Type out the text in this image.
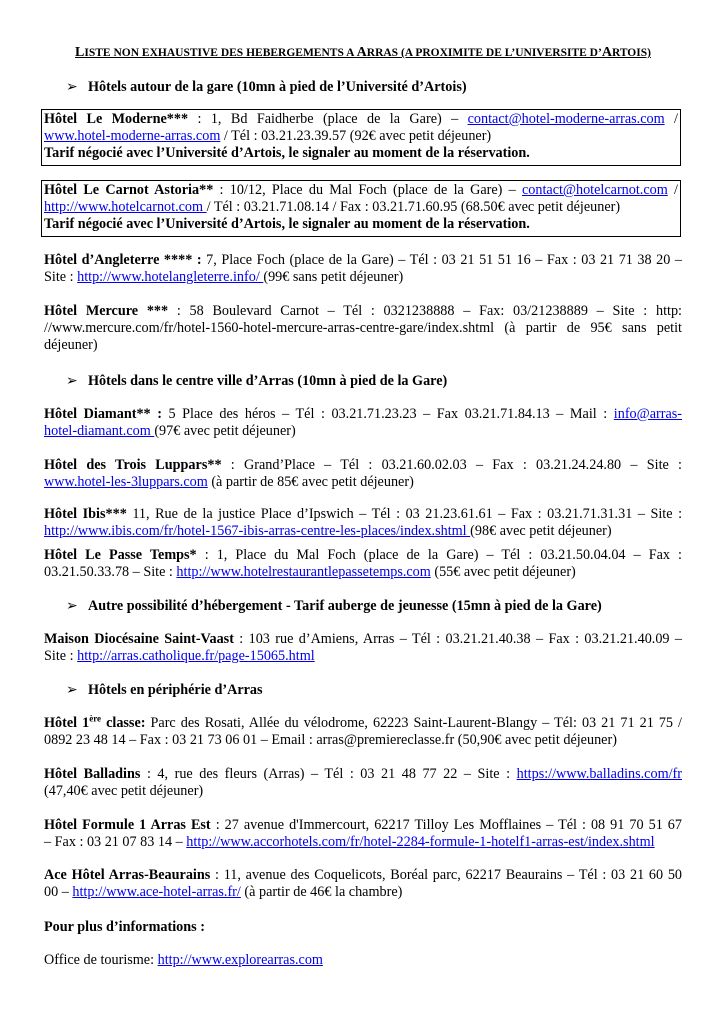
LISTE NON EXHAUSTIVE DES HEBERGEMENTS A ARRAS (A PROXIMITE DE L’UNIVERSITE D’ARTOIS)
➢ Hôtels autour de la gare (10mn à pied de l’Université d’Artois)
Hôtel Le Moderne*** : 1, Bd Faidherbe (place de la Gare) – contact@hotel-moderne-arras.com /
www.hotel-moderne-arras.com / Tél : 03.21.23.39.57 (92€ avec petit déjeuner)
Tarif négocié avec l’Université d’Artois, le signaler au moment de la réservation.
Hôtel Le Carnot Astoria** : 10/12, Place du Mal Foch (place de la Gare) – contact@hotelcarnot.com /
http://www.hotelcarnot.com / Tél : 03.21.71.08.14 / Fax : 03.21.71.60.95 (68.50€ avec petit déjeuner)
Tarif négocié avec l’Université d’Artois, le signaler au moment de la réservation.
Hôtel d’Angleterre **** : 7, Place Foch (place de la Gare) – Tél : 03 21 51 51 16 – Fax : 03 21 71 38 20 –
Site : http://www.hotelangleterre.info/ (99€ sans petit déjeuner)
Hôtel Mercure *** : 58 Boulevard Carnot – Tél : 0321238888 – Fax: 03/21238889 – Site : http:
//www.mercure.com/fr/hotel-1560-hotel-mercure-arras-centre-gare/index.shtml (à partir de 95€ sans petit
déjeuner)
➢ Hôtels dans le centre ville d’Arras (10mn à pied de la Gare)
Hôtel Diamant** : 5 Place des héros – Tél : 03.21.71.23.23 – Fax 03.21.71.84.13 – Mail : info@arras-
hotel-diamant.com (97€ avec petit déjeuner)
Hôtel des Trois Luppars** : Grand’Place – Tél : 03.21.60.02.03 – Fax : 03.21.24.24.80 – Site :
www.hotel-les-3luppars.com (à partir de 85€ avec petit déjeuner)
Hôtel Ibis*** 11, Rue de la justice Place d’Ipswich – Tél : 03 21.23.61.61 – Fax : 03.21.71.31.31 – Site :
http://www.ibis.com/fr/hotel-1567-ibis-arras-centre-les-places/index.shtml (98€ avec petit déjeuner)
Hôtel Le Passe Temps* : 1, Place du Mal Foch (place de la Gare) – Tél : 03.21.50.04.04 – Fax :
03.21.50.33.78 – Site : http://www.hotelrestaurantlepassetemps.com (55€ avec petit déjeuner)
➢ Autre possibilité d’hébergement - Tarif auberge de jeunesse (15mn à pied de la Gare)
Maison Diocésaine Saint-Vaast : 103 rue d’Amiens, Arras – Tél : 03.21.21.40.38 – Fax : 03.21.21.40.09 –
Site : http://arras.catholique.fr/page-15065.html
➢ Hôtels en périphérie d’Arras
Hôtel 1ère classe: Parc des Rosati, Allée du vélodrome, 62223 Saint-Laurent-Blangy – Tél: 03 21 71 21 75 /
0892 23 48 14 – Fax : 03 21 73 06 01 – Email : arras@premiereclasse.fr (50,90€ avec petit déjeuner)
Hôtel Balladins : 4, rue des fleurs (Arras) – Tél : 03 21 48 77 22 – Site : https://www.balladins.com/fr
(47,40€ avec petit déjeuner)
Hôtel Formule 1 Arras Est : 27 avenue d'Immercourt, 62217 Tilloy Les Mofflaines – Tél : 08 91 70 51 67
– Fax : 03 21 07 83 14 – http://www.accorhotels.com/fr/hotel-2284-formule-1-hotelf1-arras-est/index.shtml
Ace Hôtel Arras-Beaurains : 11, avenue des Coquelicots, Boréal parc, 62217 Beaurains – Tél : 03 21 60 50
00 – http://www.ace-hotel-arras.fr/ (à partir de 46€ la chambre)
Pour plus d’informations :
Office de tourisme: http://www.explorearras.com
